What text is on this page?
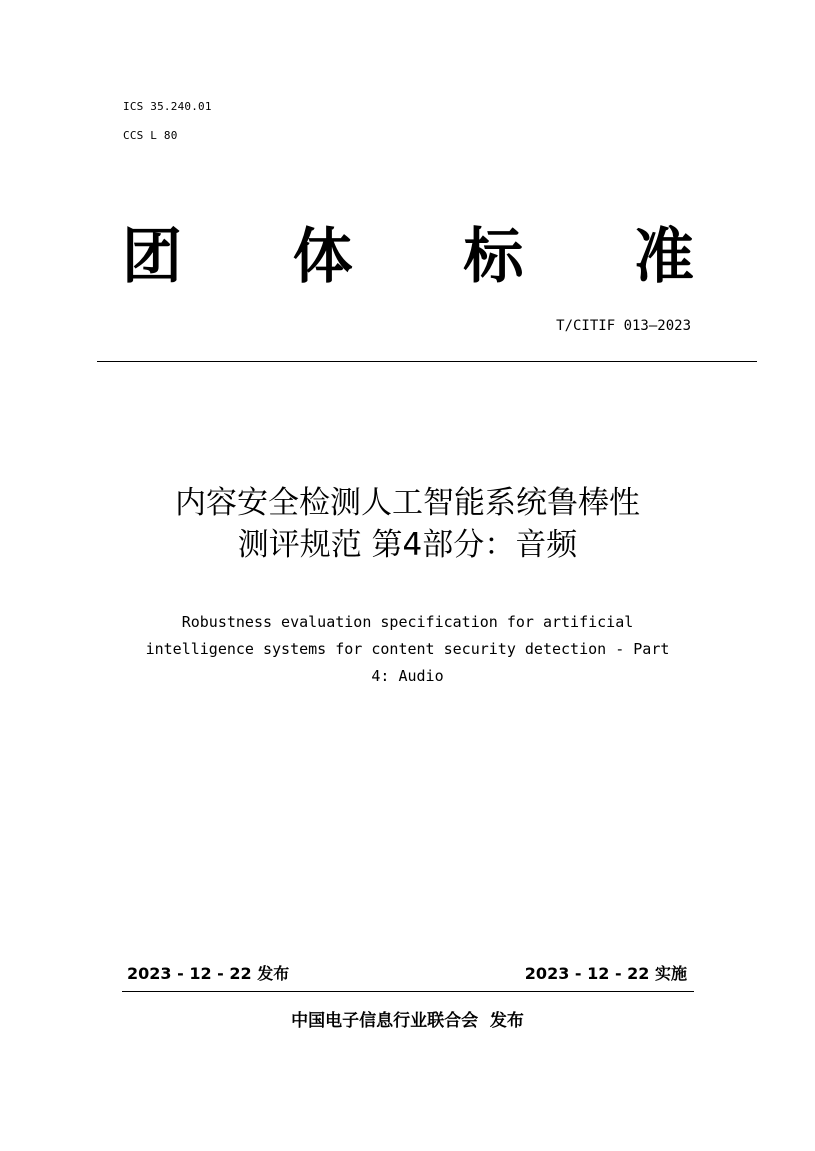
ICS 35.240.01
CCS L 80
团 体 标 准
T/CITIF 013—2023
内容安全检测人工智能系统鲁棒性
测评规范 第4部分：音频
Robustness evaluation specification for artificial
intelligence systems for content security detection - Part
4: Audio
2023 - 12 - 22 发布	2023 - 12 - 22 实施
中国电子信息行业联合会  发布
